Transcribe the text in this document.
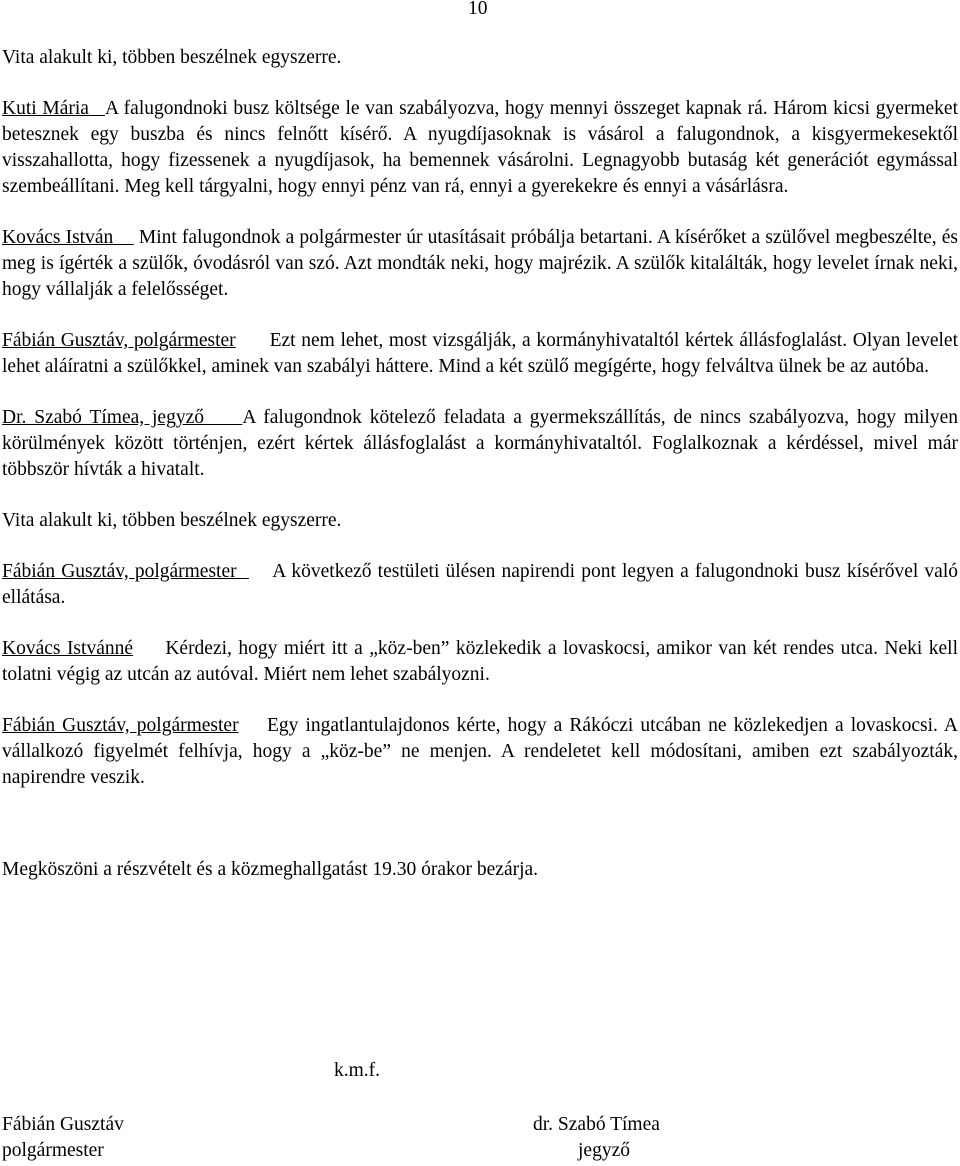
10

Vita alakult ki, többen beszélnek egyszerre.

Kuti Mária A falugondnoki busz költsége le van szabályozva, hogy mennyi összeget kapnak rá. Három kicsi gyermeket betesznek egy buszba és nincs felnőtt kísérő. A nyugdíjasoknak is vásárol a falugondnok, a kisgyermekesektől visszahallotta, hogy fizessenek a nyugdíjasok, ha bemennek vásárolni. Legnagyobb butaság két generációt egymással szembeállítani. Meg kell tárgyalni, hogy ennyi pénz van rá, ennyi a gyerekekre és ennyi a vásárlásra.

Kovács István Mint falugondnok a polgármester úr utasításait próbálja betartani. A kísérőket a szülővel megbeszélte, és meg is ígérték a szülők, óvodásról van szó. Azt mondták neki, hogy majrézik. A szülők kitalálták, hogy levelet írnak neki, hogy vállalják a felelősséget.

Fábián Gusztáv, polgármester Ezt nem lehet, most vizsgálják, a kormányhivataltól kértek állásfoglalást. Olyan levelet lehet aláíratni a szülőkkel, aminek van szabályi háttere. Mind a két szülő megígérte, hogy felváltva ülnek be az autóba.

Dr. Szabó Tímea, jegyző A falugondnok kötelező feladata a gyermekszállítás, de nincs szabályozva, hogy milyen körülmények között történjen, ezért kértek állásfoglalást a kormányhivataltól. Foglalkoznak a kérdéssel, mivel már többször hívták a hivatalt.

Vita alakult ki, többen beszélnek egyszerre.

Fábián Gusztáv, polgármester A következő testületi ülésen napirendi pont legyen a falugondnoki busz kísérővel való ellátása.

Kovács Istvánné Kérdezi, hogy miért itt a „köz-ben” közlekedik a lovaskocsi, amikor van két rendes utca. Neki kell tolatni végig az utcán az autóval. Miért nem lehet szabályozni.

Fábián Gusztáv, polgármester Egy ingatlantulajdonos kérte, hogy a Rákóczi utcában ne közlekedjen a lovaskocsi. A vállalkozó figyelmét felhívja, hogy a „köz-be” ne menjen. A rendeletet kell módosítani, amiben ezt szabályozták, napirendre veszik.

Megköszöni a részvételt és a közmeghallgatást 19.30 órakor bezárja.

k.m.f.
Fábián Gusztáv
polgármester
dr. Szabó Tímea
jegyző
